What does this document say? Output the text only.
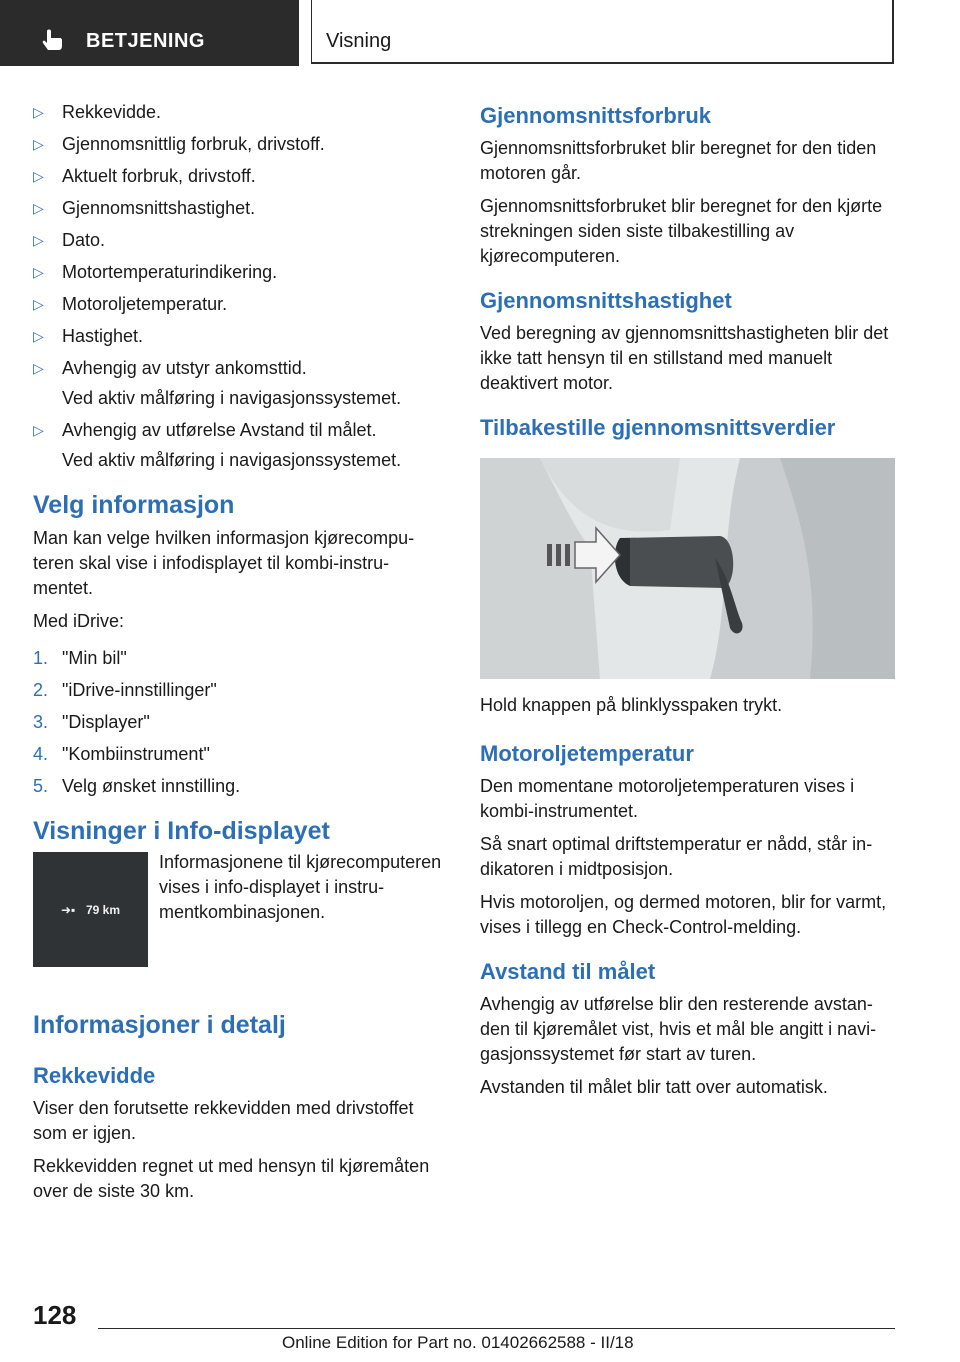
BETJENING	Visning
▷ Rekkevidde.
▷ Gjennomsnittlig forbruk, drivstoff.
▷ Aktuelt forbruk, drivstoff.
▷ Gjennomsnittshastighet.
▷ Dato.
▷ Motortemperaturindikering.
▷ Motoroljetemperatur.
▷ Hastighet.
▷ Avhengig av utstyr ankomsttid.
Ved aktiv målføring i navigasjonssystemet.
▷ Avhengig av utførelse Avstand til målet.
Ved aktiv målføring i navigasjonssystemet.
Velg informasjon

Man kan velge hvilken informasjon kjørecomputeren skal vise i infodisplayet til kombi-instrumentet.

Med iDrive:

1. "Min bil"
2. "iDrive-innstillinger"
3. "Displayer"
4. "Kombiinstrument"
5. Velg ønsket innstilling.
Visninger i Info-displayet
➜▪ 79 km
Informasjonene til kjørecomputeren vises i info-displayet i instrumentkombinasjonen.
Informasjoner i detalj
Rekkevidde

Viser den forutsette rekkevidden med drivstoffet som er igjen.

Rekkevidden regnet ut med hensyn til kjøremåten over de siste 30 km.

Gjennomsnittsforbruk

Gjennomsnittsforbruket blir beregnet for den tiden motoren går.

Gjennomsnittsforbruket blir beregnet for den kjørte strekningen siden siste tilbakestilling av kjørecomputeren.

Gjennomsnittshastighet

Ved beregning av gjennomsnittshastigheten blir det ikke tatt hensyn til en stillstand med manuelt deaktivert motor.

Tilbakestille gjennomsnittsverdier

Hold knappen på blinklysspaken trykt.

Motoroljetemperatur

Den momentane motoroljetemperaturen vises i kombi-instrumentet.

Så snart optimal driftstemperatur er nådd, står indikatoren i midtposisjon.

Hvis motoroljen, og dermed motoren, blir for varmt, vises i tillegg en Check-Control-melding.

Avstand til målet

Avhengig av utførelse blir den resterende avstanden til kjøremålet vist, hvis et mål ble angitt i navigasjonssystemet før start av turen.

Avstanden til målet blir tatt over automatisk.

128
Online Edition for Part no. 01402662588 - II/18
